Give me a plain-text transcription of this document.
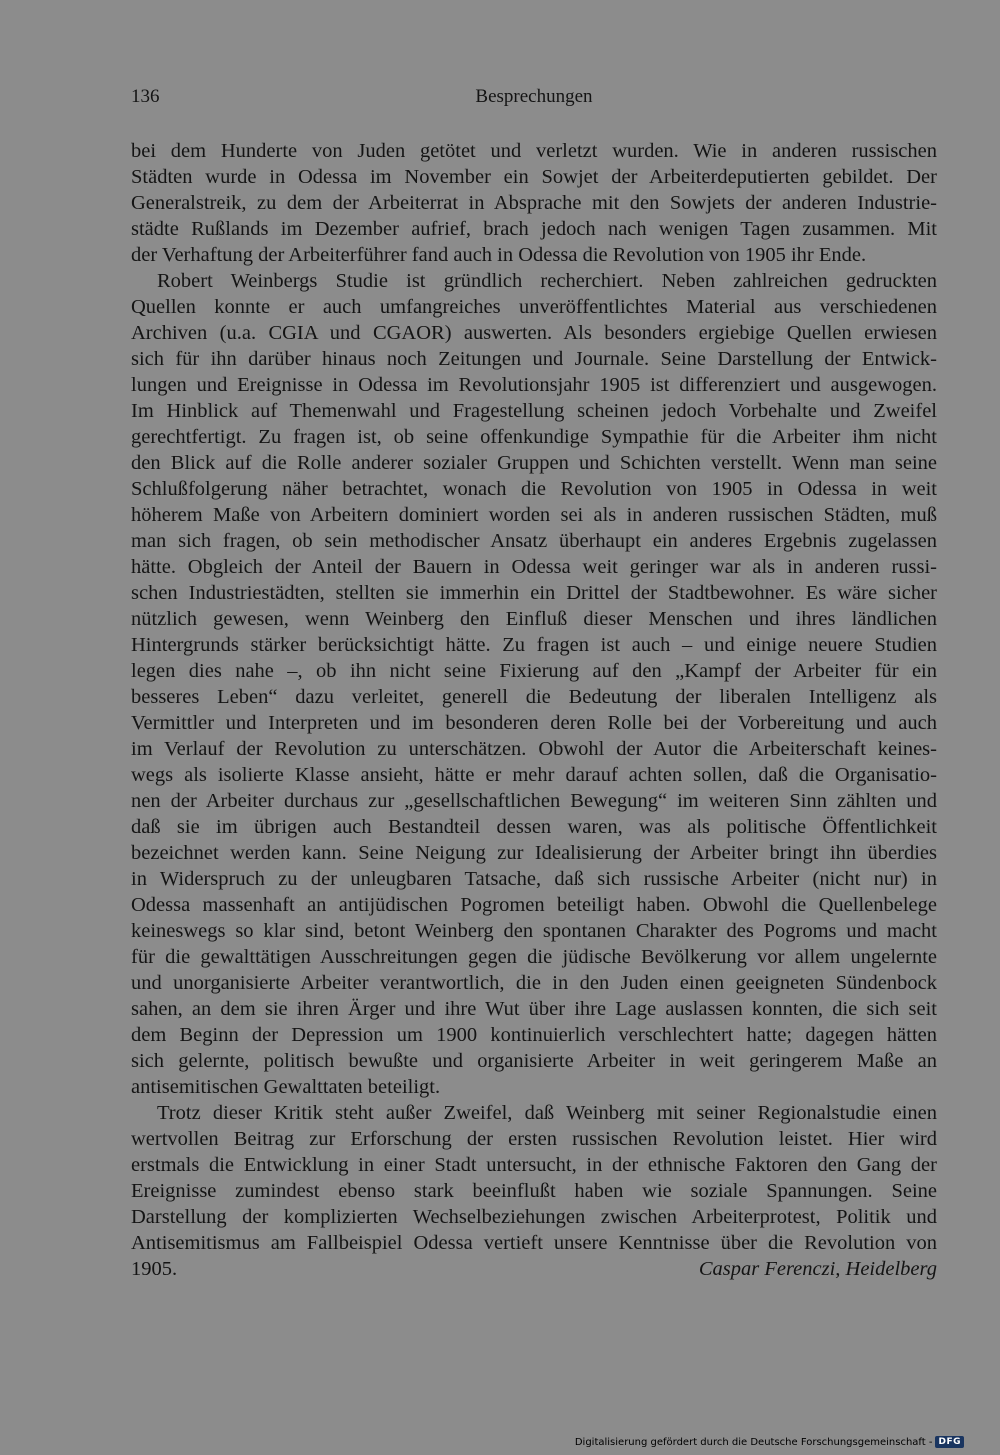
136	Besprechungen
bei dem Hunderte von Juden getötet und verletzt wurden. Wie in anderen russischen
Städten wurde in Odessa im November ein Sowjet der Arbeiterdeputierten gebildet. Der
Generalstreik, zu dem der Arbeiterrat in Absprache mit den Sowjets der anderen Industrie-
städte Rußlands im Dezember aufrief, brach jedoch nach wenigen Tagen zusammen. Mit
der Verhaftung der Arbeiterführer fand auch in Odessa die Revolution von 1905 ihr Ende.
Robert Weinbergs Studie ist gründlich recherchiert. Neben zahlreichen gedruckten
Quellen konnte er auch umfangreiches unveröffentlichtes Material aus verschiedenen
Archiven (u.a. CGIA und CGAOR) auswerten. Als besonders ergiebige Quellen erwiesen
sich für ihn darüber hinaus noch Zeitungen und Journale. Seine Darstellung der Entwick-
lungen und Ereignisse in Odessa im Revolutionsjahr 1905 ist differenziert und ausgewogen.
Im Hinblick auf Themenwahl und Fragestellung scheinen jedoch Vorbehalte und Zweifel
gerechtfertigt. Zu fragen ist, ob seine offenkundige Sympathie für die Arbeiter ihm nicht
den Blick auf die Rolle anderer sozialer Gruppen und Schichten verstellt. Wenn man seine
Schlußfolgerung näher betrachtet, wonach die Revolution von 1905 in Odessa in weit
höherem Maße von Arbeitern dominiert worden sei als in anderen russischen Städten, muß
man sich fragen, ob sein methodischer Ansatz überhaupt ein anderes Ergebnis zugelassen
hätte. Obgleich der Anteil der Bauern in Odessa weit geringer war als in anderen russi-
schen Industriestädten, stellten sie immerhin ein Drittel der Stadtbewohner. Es wäre sicher
nützlich gewesen, wenn Weinberg den Einfluß dieser Menschen und ihres ländlichen
Hintergrunds stärker berücksichtigt hätte. Zu fragen ist auch – und einige neuere Studien
legen dies nahe –, ob ihn nicht seine Fixierung auf den „Kampf der Arbeiter für ein
besseres Leben“ dazu verleitet, generell die Bedeutung der liberalen Intelligenz als
Vermittler und Interpreten und im besonderen deren Rolle bei der Vorbereitung und auch
im Verlauf der Revolution zu unterschätzen. Obwohl der Autor die Arbeiterschaft keines-
wegs als isolierte Klasse ansieht, hätte er mehr darauf achten sollen, daß die Organisatio-
nen der Arbeiter durchaus zur „gesellschaftlichen Bewegung“ im weiteren Sinn zählten und
daß sie im übrigen auch Bestandteil dessen waren, was als politische Öffentlichkeit
bezeichnet werden kann. Seine Neigung zur Idealisierung der Arbeiter bringt ihn überdies
in Widerspruch zu der unleugbaren Tatsache, daß sich russische Arbeiter (nicht nur) in
Odessa massenhaft an antijüdischen Pogromen beteiligt haben. Obwohl die Quellenbelege
keineswegs so klar sind, betont Weinberg den spontanen Charakter des Pogroms und macht
für die gewalttätigen Ausschreitungen gegen die jüdische Bevölkerung vor allem ungelernte
und unorganisierte Arbeiter verantwortlich, die in den Juden einen geeigneten Sündenbock
sahen, an dem sie ihren Ärger und ihre Wut über ihre Lage auslassen konnten, die sich seit
dem Beginn der Depression um 1900 kontinuierlich verschlechtert hatte; dagegen hätten
sich gelernte, politisch bewußte und organisierte Arbeiter in weit geringerem Maße an
antisemitischen Gewalttaten beteiligt.
Trotz dieser Kritik steht außer Zweifel, daß Weinberg mit seiner Regionalstudie einen
wertvollen Beitrag zur Erforschung der ersten russischen Revolution leistet. Hier wird
erstmals die Entwicklung in einer Stadt untersucht, in der ethnische Faktoren den Gang der
Ereignisse zumindest ebenso stark beeinflußt haben wie soziale Spannungen. Seine
Darstellung der komplizierten Wechselbeziehungen zwischen Arbeiterprotest, Politik und
Antisemitismus am Fallbeispiel Odessa vertieft unsere Kenntnisse über die Revolution von
1905.	Caspar Ferenczi, Heidelberg
Digitalisierung gefördert durch die Deutsche Forschungsgemeinschaft - DFG
